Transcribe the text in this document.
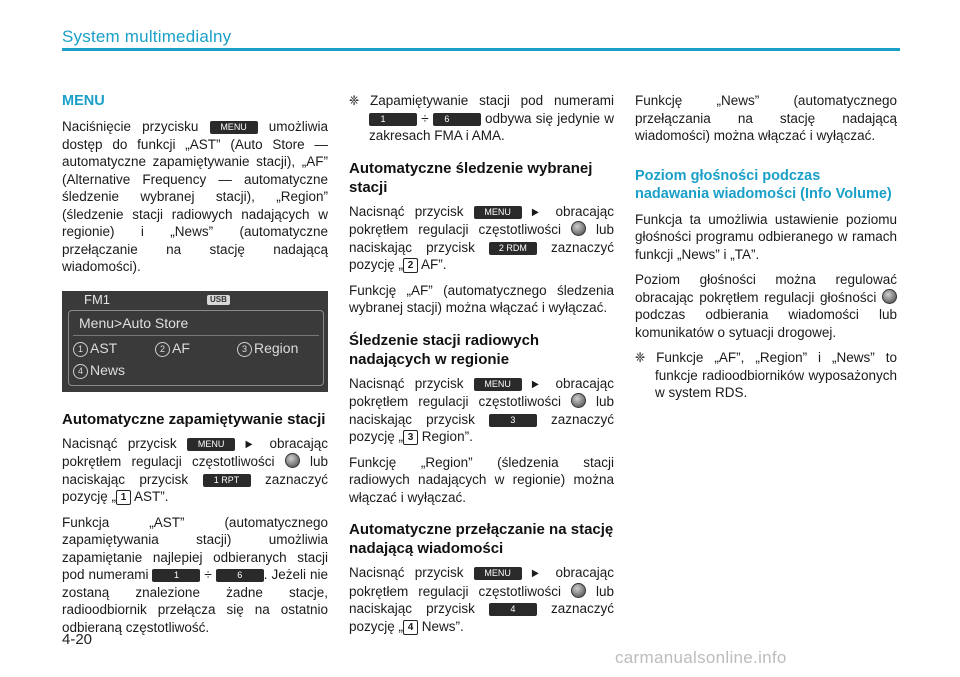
System multimedialny
MENU

Naciśnięcie przycisku MENU umożliwia dostęp do funkcji „AST” (Auto Store — automatyczne zapamiętywanie stacji), „AF” (Alternative Frequency — automatyczne śledzenie wybranej stacji), „Region” (śledzenie stacji radiowych nadających w regionie) i „News” (automatyczne przełączanie na stację nadającą wiadomości).

FM1	USB
Menu>Auto Store
1 AST	2 AF	3 Region
4 News
Automatyczne zapamiętywanie stacji

Nacisnąć przycisk MENU ▶ obracając pokrętłem regulacji częstotliwości	lub naciskając przycisk	1 RPT zaznaczyć pozycję „ 1 AST”.

Funkcja „AST” (automatycznego zapamiętywania stacji) umożliwia zapamiętanie najlepiej odbieranych stacji pod numerami	1 ÷	6 . Jeżeli nie zostaną znalezione żadne stacje, radioodbiornik przełącza się na ostatnio odbieraną częstotliwość.

❈ Zapamiętywanie stacji pod numerami 1	÷ 6	odbywa się jedynie w zakresach FMA i AMA.

Automatyczne śledzenie wybranej stacji

Nacisnąć przycisk MENU ▶ obracając pokrętłem regulacji częstotliwości	lub naciskając przycisk	2 RDM zaznaczyć pozycję „ 2 AF”.

Funkcję „AF” (automatycznego śledzenia wybranej stacji) można włączać i wyłączać.

Śledzenie stacji radiowych nadających w regionie

Nacisnąć przycisk MENU ▶ obracając pokrętłem regulacji częstotliwości	lub naciskając przycisk	3	zaznaczyć pozycję „ 3 Region”.

Funkcję „Region” (śledzenia stacji radiowych nadających w regionie) można włączać i wyłączać.

Automatyczne przełączanie na stację nadającą wiadomości

Nacisnąć przycisk MENU ▶ obracając pokrętłem regulacji częstotliwości	lub naciskając przycisk	4	zaznaczyć pozycję „ 4 News”.

Funkcję „News” (automatycznego przełączania na stację nadającą wiadomości) można włączać i wyłączać.

Poziom głośności podczas nadawania wiadomości (Info Volume)

Funkcja ta umożliwia ustawienie poziomu głośności programu odbieranego w ramach funkcji „News” i „TA”.

Poziom głośności można regulować obracając pokrętłem regulacji głośności  podczas odbierania wiadomości lub komunikatów o sytuacji drogowej.

❈ Funkcje „AF”, „Region” i „News” to funkcje radioodbiorników wyposażonych w system RDS.

4-20
carmanualsonline.info
